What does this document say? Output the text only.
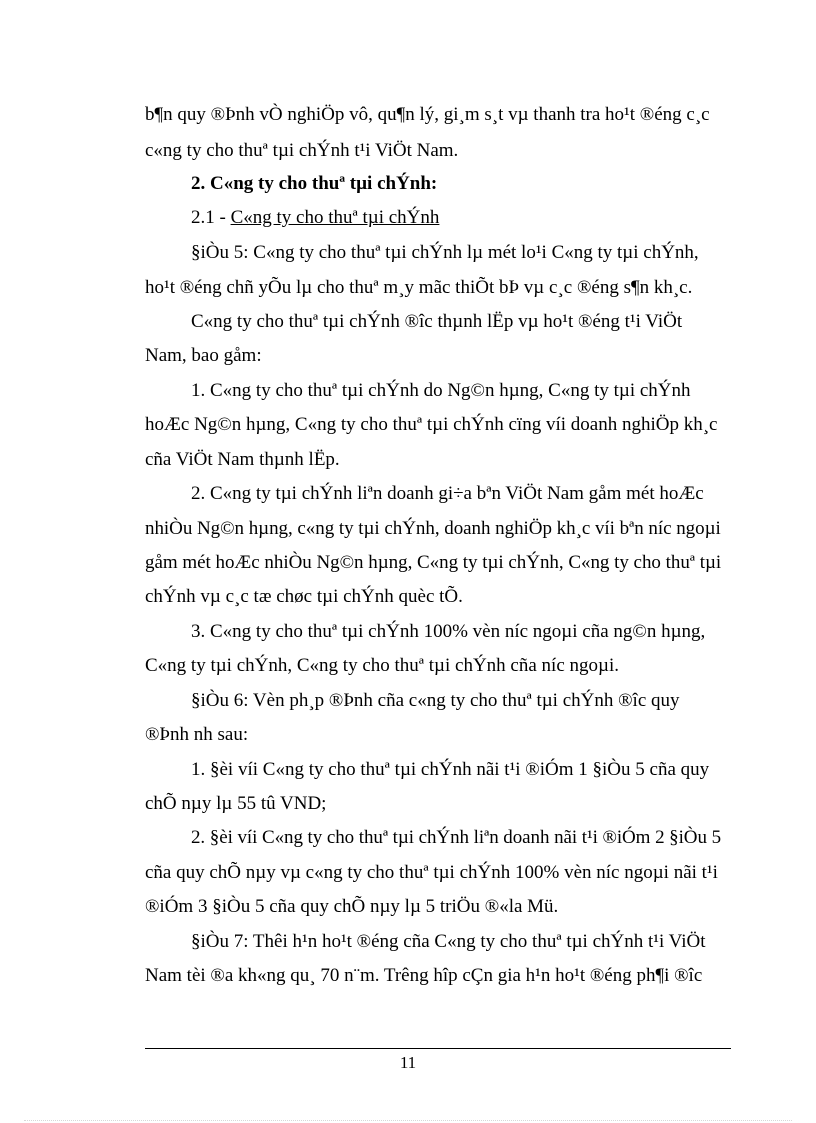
b¶n quy ®Þnh vÒ nghiÖp vô, qu¶n lý, gi¸m s¸t vµ thanh tra ho¹t ®éng c¸c

c«ng ty cho thuª tµi chÝnh t¹i ViÖt Nam.

2. C«ng ty cho thuª tµi chÝnh:

2.1 - C«ng ty cho thuª tµi chÝnh

§iÒu 5: C«ng ty cho thuª tµi chÝnh lµ mét lo¹i C«ng ty tµi chÝnh,

ho¹t ®éng chñ yÕu lµ cho thuª m¸y mãc thiÕt bÞ vµ c¸c ®éng s¶n kh¸c.

C«ng ty cho thuª tµi chÝnh ®îc thµnh lËp vµ ho¹t ®éng t¹i ViÖt

Nam, bao gåm:

1. C«ng ty cho thuª tµi chÝnh do Ng©n hµng, C«ng ty tµi chÝnh

hoÆc Ng©n hµng, C«ng ty cho thuª tµi chÝnh cïng víi doanh nghiÖp kh¸c

cña ViÖt Nam thµnh lËp.

2. C«ng ty tµi chÝnh liªn doanh gi÷a bªn ViÖt Nam gåm mét hoÆc

nhiÒu Ng©n hµng, c«ng ty tµi chÝnh, doanh nghiÖp kh¸c víi bªn níc ngoµi

gåm mét hoÆc nhiÒu Ng©n hµng, C«ng ty tµi chÝnh, C«ng ty cho thuª tµi

chÝnh vµ c¸c tæ chøc tµi chÝnh quèc tÕ.

3. C«ng ty cho thuª tµi chÝnh 100% vèn níc ngoµi cña ng©n hµng,

C«ng ty tµi chÝnh, C«ng ty cho thuª tµi chÝnh cña níc ngoµi.

§iÒu 6: Vèn ph¸p ®Þnh cña c«ng ty cho thuª tµi chÝnh ®îc quy

®Þnh nh sau:

1. §èi víi C«ng ty cho thuª tµi chÝnh nãi t¹i ®iÓm 1 §iÒu 5 cña quy

chÕ nµy lµ 55 tû VND;

2. §èi víi C«ng ty cho thuª tµi chÝnh liªn doanh nãi t¹i ®iÓm 2 §iÒu 5

cña quy chÕ nµy vµ c«ng ty cho thuª tµi chÝnh 100% vèn níc ngoµi nãi t¹i

®iÓm 3 §iÒu 5 cña quy chÕ nµy lµ 5 triÖu ®«la Mü.

§iÒu 7: Thêi h¹n ho¹t ®éng cña C«ng ty cho thuª tµi chÝnh t¹i ViÖt

Nam tèi ®a kh«ng qu¸ 70 n¨m. Trêng hîp cÇn gia h¹n ho¹t ®éng ph¶i ®îc

11
